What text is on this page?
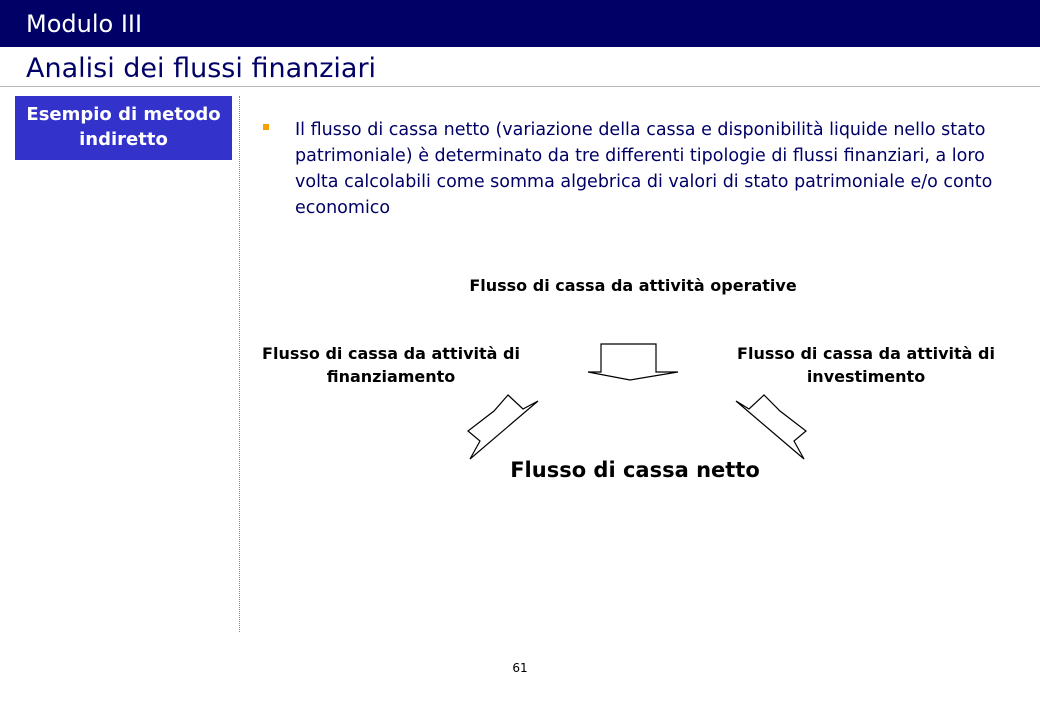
Modulo III
Analisi dei flussi finanziari
Esempio di metodo
indiretto	Il flusso di cassa netto (variazione della cassa e disponibilità liquide nello stato patrimoniale) è determinato da tre differenti tipologie di flussi finanziari, a loro volta calcolabili come somma algebrica di valori di stato patrimoniale e/o conto economico
Flusso di cassa da attività operative
Flusso di cassa da attività di
finanziamento
Flusso di cassa da attività di
investimento
Flusso di cassa netto
61
